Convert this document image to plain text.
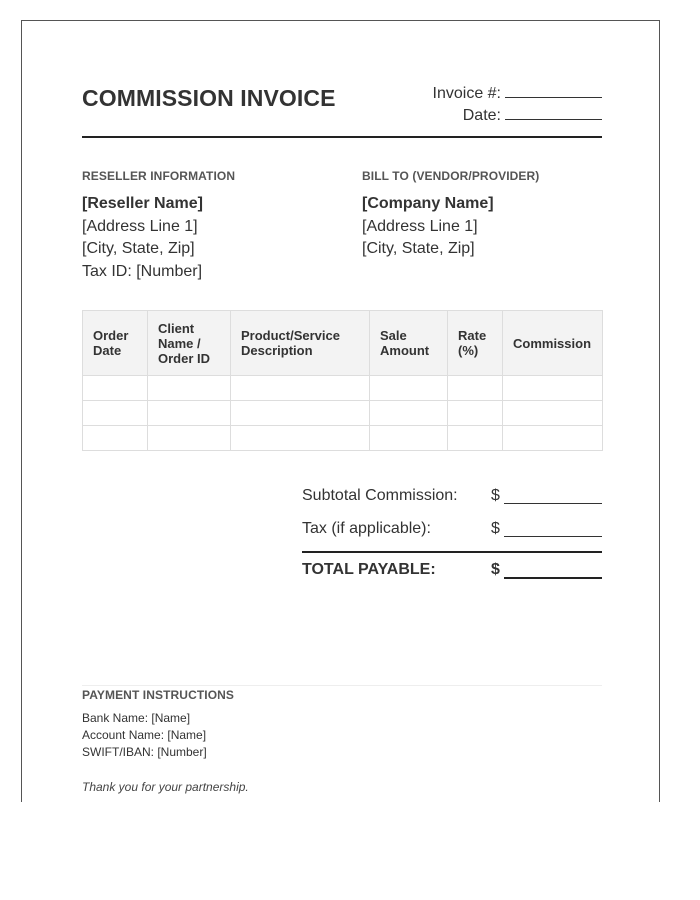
COMMISSION INVOICE	Invoice #:
Date:
RESELLER INFORMATION
[Reseller Name]
[Address Line 1]
[City, State, Zip]
Tax ID: [Number]
BILL TO (VENDOR/PROVIDER)
[Company Name]
[Address Line 1]
[City, State, Zip]
Order Date	Client Name / Order ID	Product/Service Description	Sale Amount	Rate (%)	Commission

Subtotal Commission: $
Tax (if applicable):	$
TOTAL PAYABLE:	$
PAYMENT INSTRUCTIONS
Bank Name: [Name]
Account Name: [Name]
SWIFT/IBAN: [Number]
Thank you for your partnership.
